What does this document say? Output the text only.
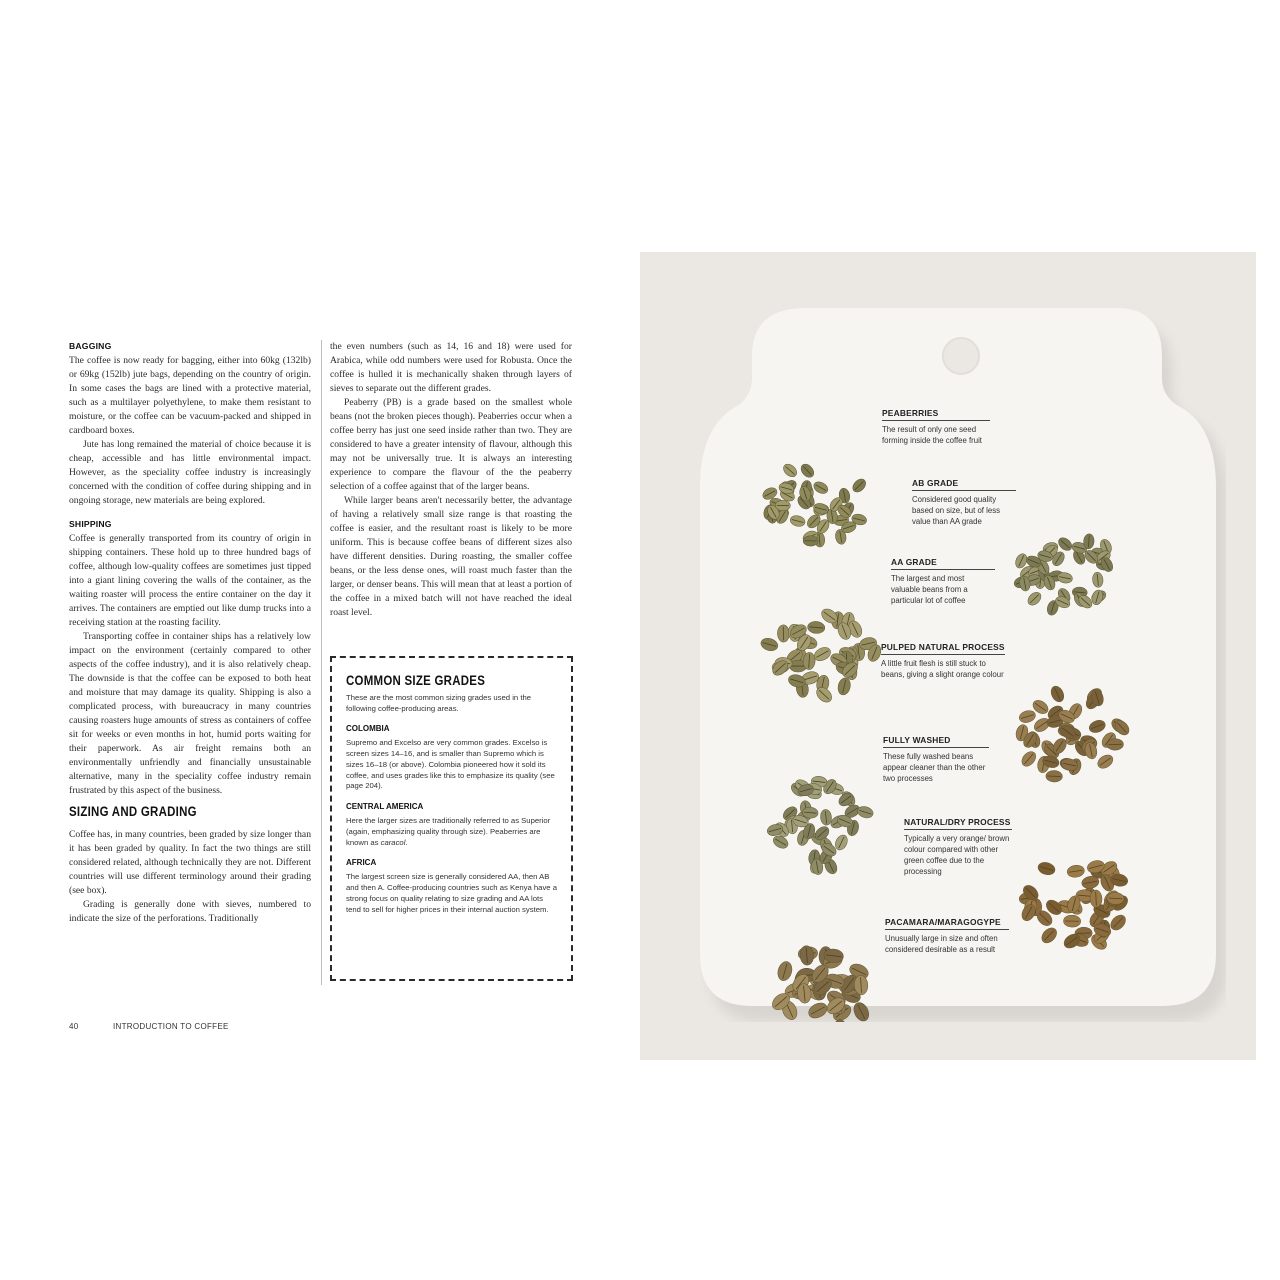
BAGGING

The coffee is now ready for bagging, either into 60kg (132lb) or 69kg (152lb) jute bags, depending on the country of origin. In some cases the bags are lined with a protective material, such as a multilayer polyethylene, to make them resistant to moisture, or the coffee can be vacuum-packed and shipped in cardboard boxes.

Jute has long remained the material of choice because it is cheap, accessible and has little environmental impact. However, as the speciality coffee industry is increasingly concerned with the condition of coffee during shipping and in ongoing storage, new materials are being explored.

SHIPPING

Coffee is generally transported from its country of origin in shipping containers. These hold up to three hundred bags of coffee, although low-quality coffees are sometimes just tipped into a giant lining covering the walls of the container, as the waiting roaster will process the entire container on the day it arrives. The containers are emptied out like dump trucks into a receiving station at the roasting facility.

Transporting coffee in container ships has a relatively low impact on the environment (certainly compared to other aspects of the coffee industry), and it is also relatively cheap. The downside is that the coffee can be exposed to both heat and moisture that may damage its quality. Shipping is also a complicated process, with bureaucracy in many countries causing roasters huge amounts of stress as containers of coffee sit for weeks or even months in hot, humid ports waiting for their paperwork. As air freight remains both an environmentally unfriendly and financially unsustainable alternative, many in the speciality coffee industry remain frustrated by this aspect of the business.

SIZING AND GRADING

Coffee has, in many countries, been graded by size longer than it has been graded by quality. In fact the two things are still considered related, although technically they are not. Different countries will use different terminology around their grading (see box).

Grading is generally done with sieves, numbered to indicate the size of the perforations. Traditionally

the even numbers (such as 14, 16 and 18) were used for Arabica, while odd numbers were used for Robusta. Once the coffee is hulled it is mechanically shaken through layers of sieves to separate out the different grades.

Peaberry (PB) is a grade based on the smallest whole beans (not the broken pieces though). Peaberries occur when a coffee berry has just one seed inside rather than two. They are considered to have a greater intensity of flavour, although this may not be universally true. It is always an interesting experience to compare the flavour of the the peaberry selection of a coffee against that of the larger beans.

While larger beans aren't necessarily better, the advantage of having a relatively small size range is that roasting the coffee is easier, and the resultant roast is likely to be more uniform. This is because coffee beans of different sizes also have different densities. During roasting, the smaller coffee beans, or the less dense ones, will roast much faster than the larger, or denser beans. This will mean that at least a portion of the coffee in a mixed batch will not have reached the ideal roast level.

COMMON SIZE GRADES

These are the most common sizing grades used in the following coffee-producing areas.

COLOMBIA

Supremo and Excelso are very common grades. Excelso is screen sizes 14–16, and is smaller than Supremo which is sizes 16–18 (or above). Colombia pioneered how it sold its coffee, and uses grades like this to emphasize its quality (see page 204).

CENTRAL AMERICA

Here the larger sizes are traditionally referred to as Superior (again, emphasizing quality through size). Peaberries are known as caracol.

AFRICA

The largest screen size is generally considered AA, then AB and then A. Coffee-producing countries such as Kenya have a strong focus on quality relating to size grading and AA lots tend to sell for higher prices in their internal auction system.

40	INTRODUCTION TO COFFEE
PEABERRIES
The result of only one seed forming inside the coffee fruit
AB GRADE
Considered good quality based on size, but of less value than AA grade
AA GRADE
The largest and most valuable beans from a particular lot of coffee
PULPED NATURAL PROCESS
A little fruit flesh is still stuck to beans, giving a slight orange colour
FULLY WASHED
These fully washed beans appear cleaner than the other two processes
NATURAL/DRY PROCESS
Typically a very orange/ brown colour compared with other green coffee due to the processing
PACAMARA/MARAGOGYPE
Unusually large in size and often considered desirable as a result
